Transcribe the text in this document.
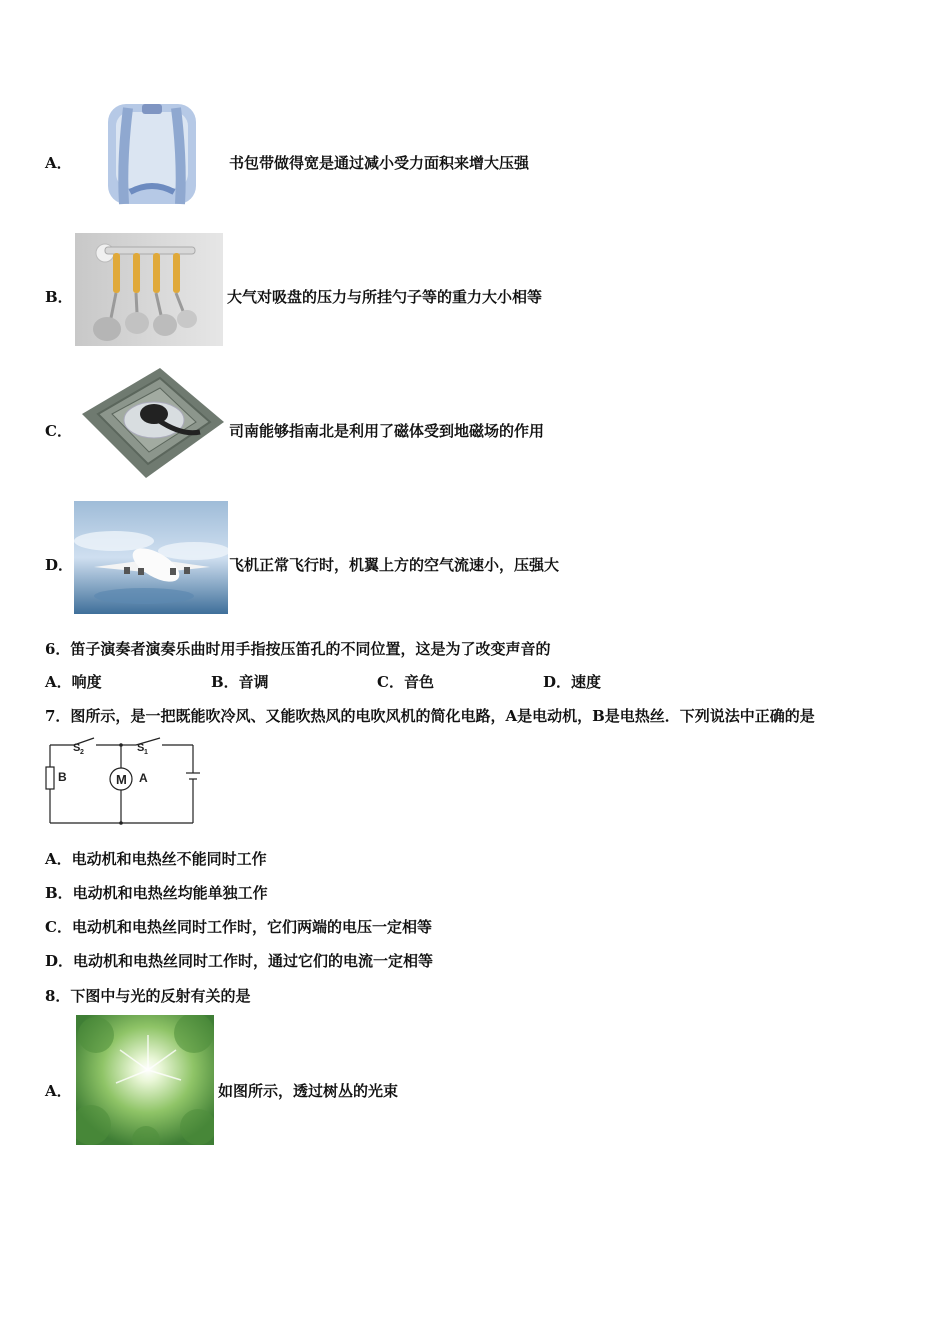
A．	书包带做得宽是通过减小受力面积来增大压强
B．	大气对吸盘的压力与所挂勺子等的重力大小相等
C．	司南能够指南北是利用了磁体受到地磁场的作用
D．	飞机正常飞行时，机翼上方的空气流速小，压强大
6．笛子演奏者演奏乐曲时用手指按压笛孔的不同位置，这是为了改变声音的
A．响度	B．音调	C．音色	D．速度
7．图所示，是一把既能吹冷风、又能吹热风的电吹风机的简化电路，A是电动机，B是电热丝．下列说法中正确的是
B	M A
S 2	S 1
A．电动机和电热丝不能同时工作
B．电动机和电热丝均能单独工作
C．电动机和电热丝同时工作时，它们两端的电压一定相等
D．电动机和电热丝同时工作时，通过它们的电流一定相等
8．下图中与光的反射有关的是
A．	如图所示，透过树丛的光束
